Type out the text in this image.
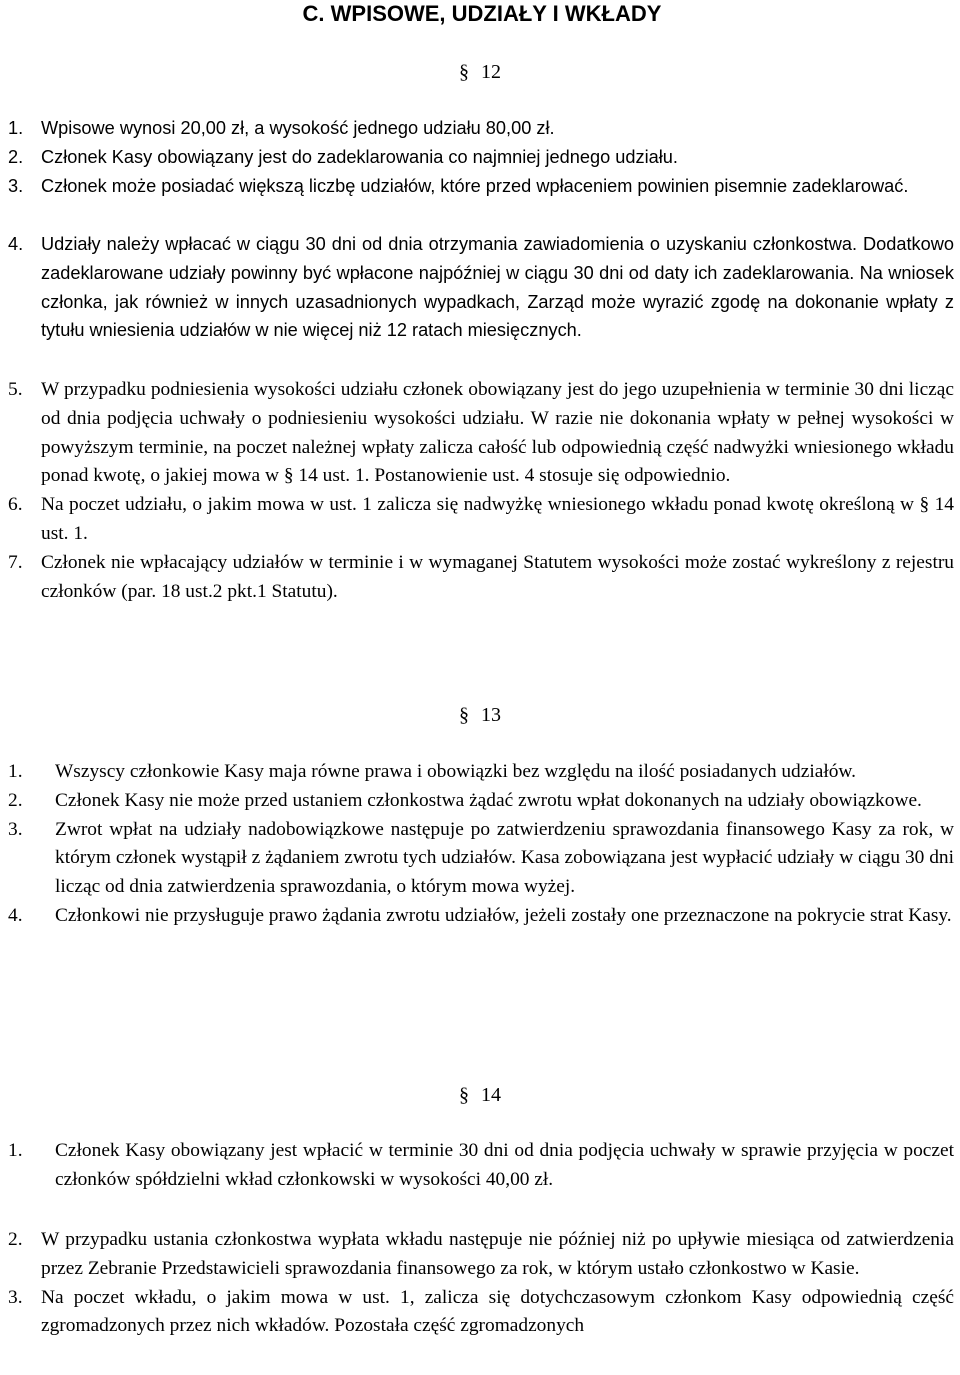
C. WPISOWE, UDZIAŁY I WKŁADY
§ 12
1. Wpisowe wynosi 20,00 zł, a wysokość jednego udziału 80,00 zł.
2. Członek Kasy obowiązany jest do zadeklarowania co najmniej jednego udziału.
3. Członek może posiadać większą liczbę udziałów, które przed wpłaceniem powinien pisemnie zadeklarować.
4. Udziały należy wpłacać w ciągu 30 dni od dnia otrzymania zawiadomienia o uzyskaniu członkostwa. Dodatkowo zadeklarowane udziały powinny być wpłacone najpóźniej w ciągu 30 dni od daty ich zadeklarowania. Na wniosek członka, jak również w innych uzasadnionych wypadkach, Zarząd może wyrazić zgodę na dokonanie wpłaty z tytułu wniesienia udziałów w nie więcej niż 12 ratach miesięcznych.
5. W przypadku podniesienia wysokości udziału członek obowiązany jest do jego uzupełnienia w terminie 30 dni licząc od dnia podjęcia uchwały o podniesieniu wysokości udziału. W razie nie dokonania wpłaty w pełnej wysokości w powyższym terminie, na poczet należnej wpłaty zalicza całość lub odpowiednią część nadwyżki wniesionego wkładu ponad kwotę, o jakiej mowa w § 14 ust. 1. Postanowienie ust. 4 stosuje się odpowiednio.
6. Na poczet udziału, o jakim mowa w ust. 1 zalicza się nadwyżkę wniesionego wkładu ponad kwotę określoną w § 14 ust. 1.
7. Członek nie wpłacający udziałów w terminie i w wymaganej Statutem wysokości może zostać wykreślony z rejestru członków (par. 18 ust.2 pkt.1 Statutu).
§ 13
1. Wszyscy członkowie Kasy maja równe prawa i obowiązki bez względu na ilość posiadanych udziałów.
2. Członek Kasy nie może przed ustaniem członkostwa żądać zwrotu wpłat dokonanych na udziały obowiązkowe.
3. Zwrot wpłat na udziały nadobowiązkowe następuje po zatwierdzeniu sprawozdania finansowego Kasy za rok, w którym członek wystąpił z żądaniem zwrotu tych udziałów. Kasa zobowiązana jest wypłacić udziały w ciągu 30 dni licząc od dnia zatwierdzenia sprawozdania, o którym mowa wyżej.
4. Członkowi nie przysługuje prawo żądania zwrotu udziałów, jeżeli zostały one przeznaczone na pokrycie strat Kasy.
§ 14
1. Członek Kasy obowiązany jest wpłacić w terminie 30 dni od dnia podjęcia uchwały w sprawie przyjęcia w poczet członków spółdzielni wkład członkowski w wysokości 40,00 zł.
2. W przypadku ustania członkostwa wypłata wkładu następuje nie później niż po upływie miesiąca od zatwierdzenia przez Zebranie Przedstawicieli sprawozdania finansowego za rok, w którym ustało członkostwo w Kasie.
3. Na poczet wkładu, o jakim mowa w ust. 1, zalicza się dotychczasowym członkom Kasy odpowiednią część zgromadzonych przez nich wkładów. Pozostała część zgromadzonych
